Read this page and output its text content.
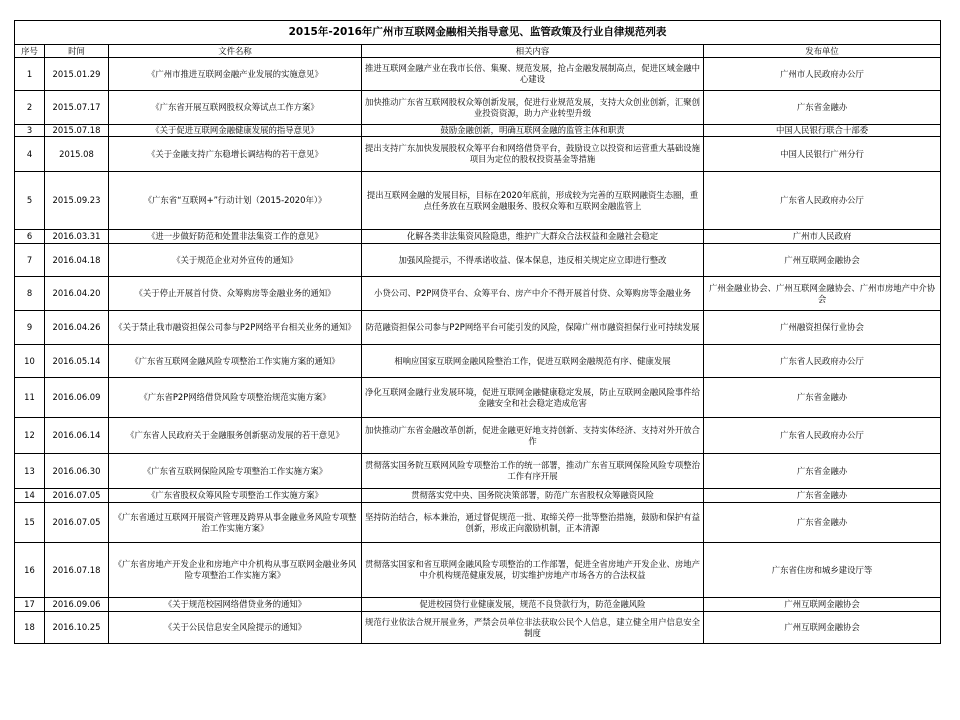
2015年-2016年广州市互联网金融相关指导意见、监管政策及行业自律规范列表				
序号	时间	文件名称	相关内容	发布单位
1	2015.01.29	《广州市推进互联网金融产业发展的实施意见》	推进互联网金融产业在我市长倍、集聚、规范发展，抢占金融发展制高点，促进区域金融中心建设	广州市人民政府办公厅
2	2015.07.17	《广东省开展互联网股权众筹试点工作方案》	加快推动广东省互联网股权众筹创新发展，促进行业规范发展，支持大众创业创新，汇聚创业投资资源，助力产业转型升级	广东省金融办
3	2015.07.18	《关于促进互联网金融健康发展的指导意见》	鼓励金融创新，明确互联网金融的监管主体和职责	中国人民银行联合十部委
4	2015.08	《关于金融支持广东稳增长调结构的若干意见》	提出支持广东加快发展股权众筹平台和网络借贷平台，鼓励设立以投资和运营重大基础设施项目为定位的股权投资基金等措施	中国人民银行广州分行
5	2015.09.23	《广东省“互联网+”行动计划（2015-2020年）》	提出互联网金融的发展目标，目标在2020年底前，形成较为完善的互联网融资生态圈，重点任务放在互联网金融服务、股权众筹和互联网金融监管上	广东省人民政府办公厅
6	2016.03.31	《进一步做好防范和处置非法集资工作的意见》	化解各类非法集资风险隐患，维护广大群众合法权益和金融社会稳定	广州市人民政府
7	2016.04.18	《关于规范企业对外宣传的通知》	加强风险提示，不得承诺收益、保本保息，违反相关规定应立即进行整改	广州互联网金融协会
8	2016.04.20	《关于停止开展首付贷、众筹购房等金融业务的通知》	小贷公司、P2P网贷平台、众筹平台、房产中介不得开展首付贷、众筹购房等金融业务	广州金融业协会、广州互联网金融协会、广州市房地产中介协会
9	2016.04.26	《关于禁止我市融资担保公司参与P2P网络平台相关业务的通知》	防范融资担保公司参与P2P网络平台可能引发的风险，保障广州市融资担保行业可持续发展	广州融资担保行业协会
10	2016.05.14	《广东省互联网金融风险专项整治工作实施方案的通知》	相响应国家互联网金融风险整治工作，促进互联网金融规范有序、健康发展	广东省人民政府办公厅
11	2016.06.09	《广东省P2P网络借贷风险专项整治规范实施方案》	净化互联网金融行业发展环境，促进互联网金融健康稳定发展，防止互联网金融风险事件给金融安全和社会稳定造成危害	广东省金融办
12	2016.06.14	《广东省人民政府关于金融服务创新驱动发展的若干意见》	加快推动广东省金融改革创新，促进金融更好地支持创新、支持实体经济、支持对外开放合作	广东省人民政府办公厅
13	2016.06.30	《广东省互联网保险风险专项整治工作实施方案》	贯彻落实国务院互联网风险专项整治工作的统一部署，推动广东省互联网保险风险专项整治工作有序开展	广东省金融办
14	2016.07.05	《广东省股权众筹风险专项整治工作实施方案》	贯彻落实党中央、国务院决策部署，防范广东省股权众筹融资风险	广东省金融办
15	2016.07.05	《广东省通过互联网开展资产管理及跨界从事金融业务风险专项整治工作实施方案》	坚持防治结合，标本兼治，通过督促规范一批、取缔关停一批等整治措施，鼓励和保护有益创新，形成正向激励机制，正本清源	广东省金融办
16	2016.07.18	《广东省房地产开发企业和房地产中介机构从事互联网金融业务风险专项整治工作实施方案》	贯彻落实国家和省互联网金融风险专项整治的工作部署，促进全省房地产开发企业、房地产中介机构规范健康发展，切实维护房地产市场各方的合法权益	广东省住房和城乡建设厅等
17	2016.09.06	《关于规范校园网络借贷业务的通知》	促进校园贷行业健康发展，规范不良贷款行为，防范金融风险	广州互联网金融协会
18	2016.10.25	《关于公民信息安全风险提示的通知》	规范行业依法合规开展业务，严禁会员单位非法获取公民个人信息，建立健全用户信息安全制度	广州互联网金融协会
